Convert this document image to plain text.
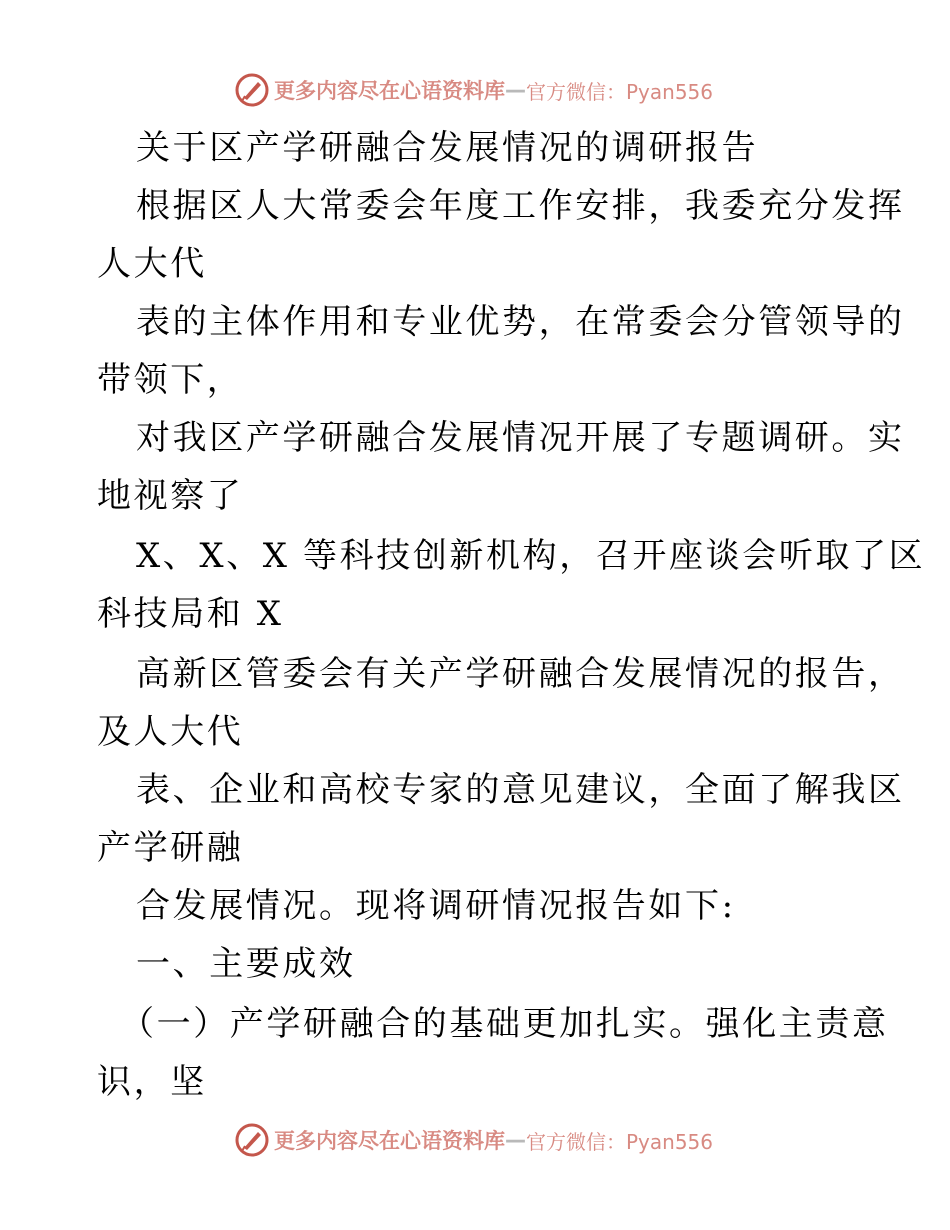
更多内容尽在心语资料库 — 官方微信：Pyan556
关于区产学研融合发展情况的调研报告
根据区人大常委会年度工作安排，我委充分发挥
人大代
表的主体作用和专业优势，在常委会分管领导的
带领下，
对我区产学研融合发展情况开展了专题调研。实
地视察了
X、X、X 等科技创新机构，召开座谈会听取了区
科技局和 X
高新区管委会有关产学研融合发展情况的报告，
及人大代
表、企业和高校专家的意见建议，全面了解我区
产学研融
合发展情况。现将调研情况报告如下:
一、主要成效
（一）产学研融合的基础更加扎实。强化主责意
识，坚
更多内容尽在心语资料库 — 官方微信：Pyan556
